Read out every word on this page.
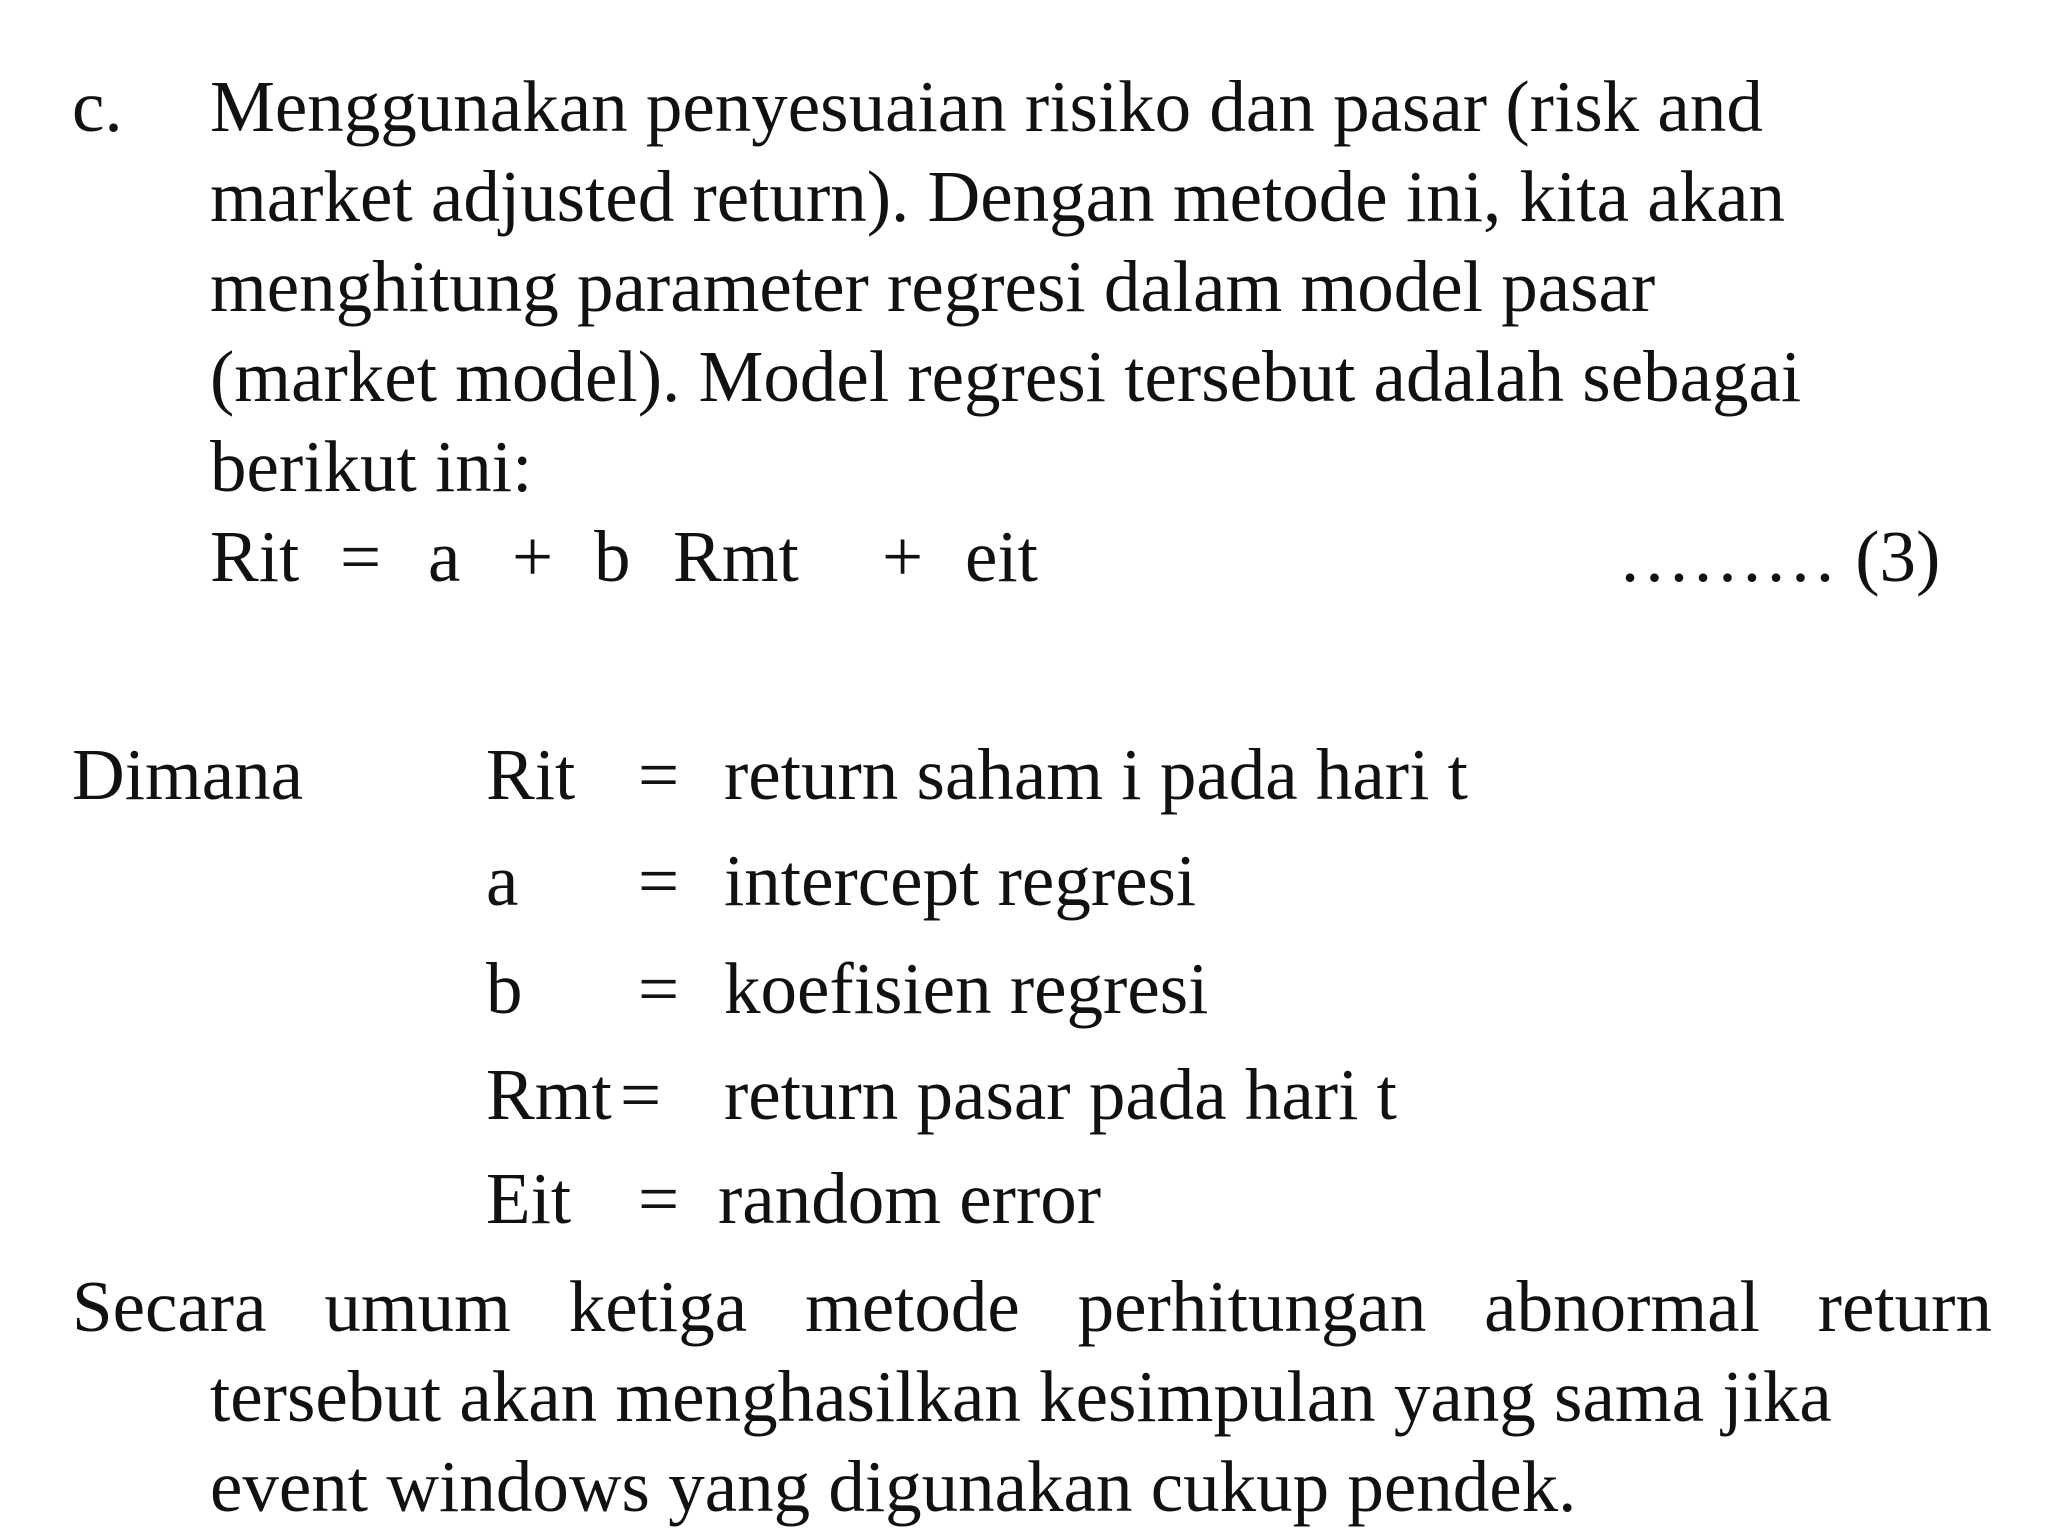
c. Menggunakan penyesuaian risiko dan pasar (risk and
market adjusted return). Dengan metode ini, kita akan
menghitung parameter regresi dalam model pasar
(market model). Model regresi tersebut adalah sebagai
berikut ini:
Rit = a + b Rmt + eit	……… (3)
Dimana	Rit = return saham i pada hari t
a = intercept regresi
b = koefisien regresi
Rmt = return pasar pada hari t
Eit = random error
Secara umum ketiga metode perhitungan abnormal return
tersebut akan menghasilkan kesimpulan yang sama jika
event windows yang digunakan cukup pendek.
